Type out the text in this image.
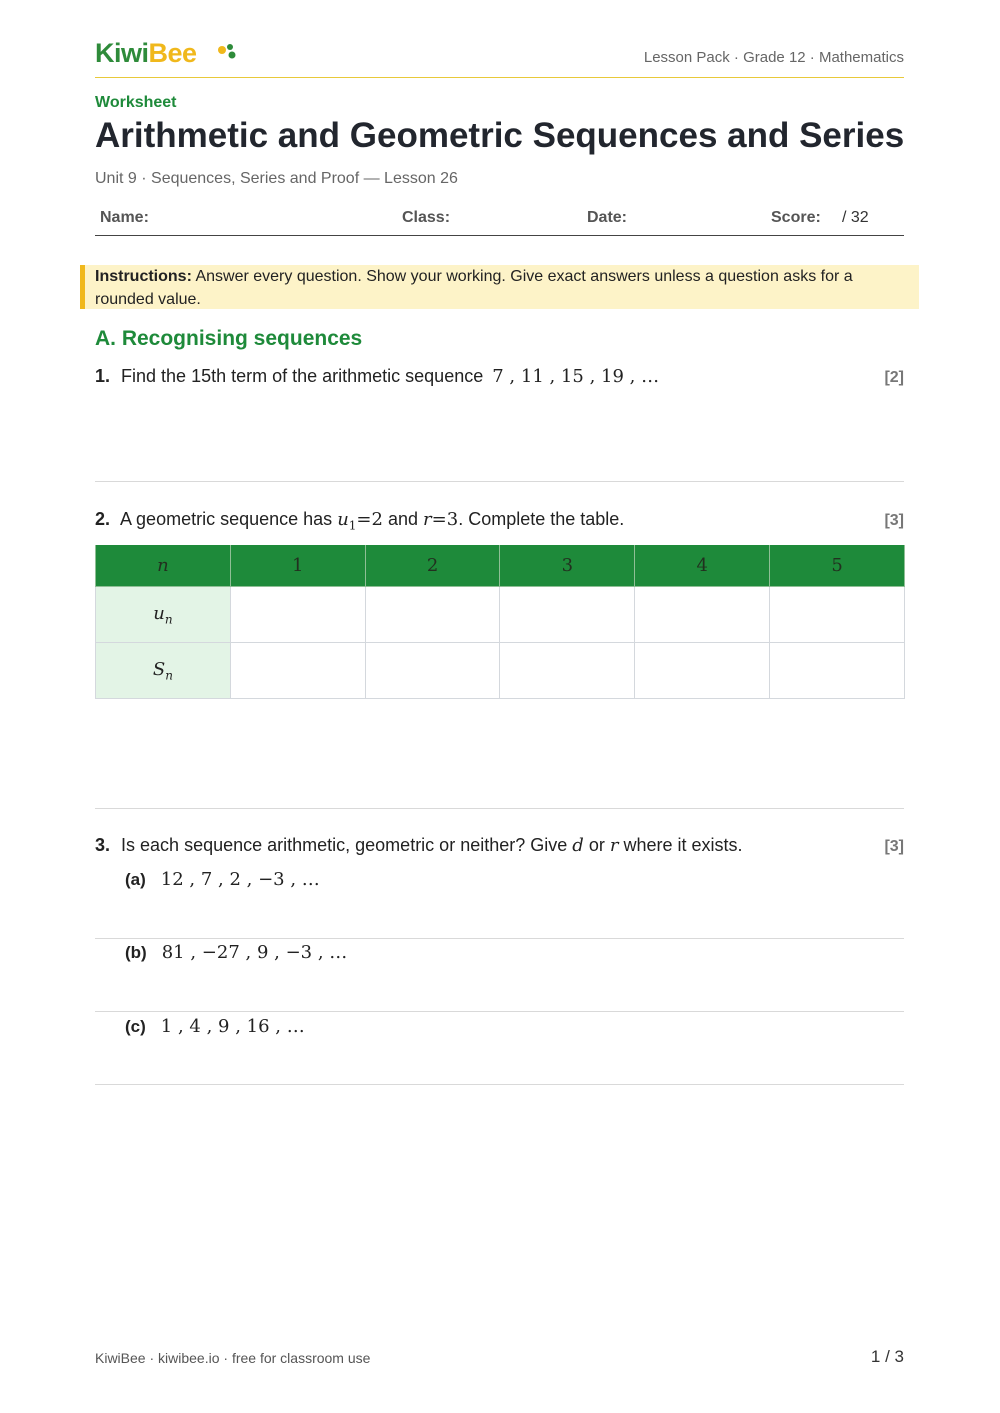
KiwiBee	Lesson Pack · Grade 12 · Mathematics
Worksheet
Arithmetic and Geometric Sequences and Series
Unit 9 · Sequences, Series and Proof — Lesson 26
Name:	Class:	Date:	Score: / 32
Instructions: Answer every question. Show your working. Give exact answers unless a question asks for a rounded value.
A. Recognising sequences
1. Find the 15th term of the arithmetic sequence 7 , 11 , 15 , 19 , …	[2]
2. A geometric sequence has $u_1=2$ and r=3. Complete the table.	[3]
n	1	2	3	4	5
$u_n$					
$S_n$					
3. Is each sequence arithmetic, geometric or neither? Give d or r where it exists.	[3]
(a) 12 , 7 , 2 , −3 , …
(b) 81 , −27 , 9 , −3 , …
(c) 1 , 4 , 9 , 16 , …
KiwiBee · kiwibee.io · free for classroom use	1 / 3
